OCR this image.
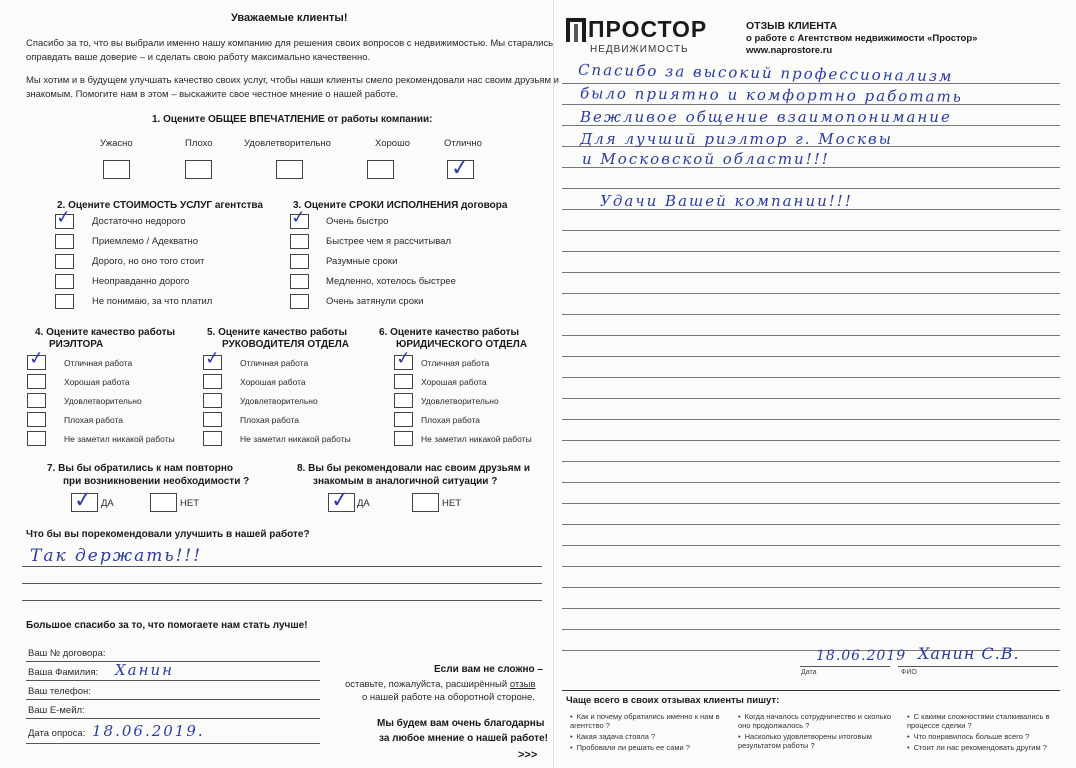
Уважаемые клиенты!
Спасибо за то, что вы выбрали именно нашу компанию для решения своих вопросов с недвижимостью. Мы старались
оправдать ваше доверие – и сделать свою работу максимально качественно.
Мы хотим и в будущем улучшать качество своих услуг, чтобы наши клиенты смело рекомендовали нас своим друзьям и
знакомым. Помогите нам в этом – выскажите свое честное мнение о нашей работе.
1. Оцените ОБЩЕЕ ВПЕЧАТЛЕНИЕ от работы компании:
Ужасно	Плохо	Удовлетворительно	Хорошо	Отлично
✓
2. Оцените СТОИМОСТЬ УСЛУГ агентства
✓ Достаточно недорого
Приемлемо / Адекватно
Дорого, но оно того стоит
Неоправданно дорого
Не понимаю, за что платил
3. Оцените СРОКИ ИСПОЛНЕНИЯ договора
✓ Очень быстро
Быстрее чем я рассчитывал
Разумные сроки
Медленно, хотелось быстрее
Очень затянули сроки
4. Оцените качество работы
РИЭЛТОРА
✓ Отличная работа
Хорошая работа
Удовлетворительно
Плохая работа
Не заметил никакой работы
5. Оцените качество работы
РУКОВОДИТЕЛЯ ОТДЕЛА
✓ Отличная работа
Хорошая работа
Удовлетворительно
Плохая работа
Не заметил никакой работы
6. Оцените качество работы
ЮРИДИЧЕСКОГО ОТДЕЛА
✓ Отличная работа
Хорошая работа
Удовлетворительно
Плохая работа
Не заметил никакой работы
7. Вы бы обратились к нам повторно
при возникновении необходимости ?
✓ ДА	НЕТ
8. Вы бы рекомендовали нас своим друзьям и
знакомым в аналогичной ситуации ?
✓ ДА	НЕТ
Что бы вы порекомендовали улучшить в нашей работе?
Так держать!!!
Большое спасибо за то, что помогаете нам стать лучше!
Ваш № договора:
Ваша Фамилия: Ханин
Ваш телефон:
Ваш E-мейл:
Дата опроса: 18.06.2019.
Если вам не сложно –
оставьте, пожалуйста, расширённый отзыв
о нашей работе на оборотной стороне.
Мы будем вам очень благодарны
за любое мнение о нашей работе!
>>>
ПРОСТОР
НЕДВИЖИМОСТЬ
ОТЗЫВ КЛИЕНТА
о работе с Агентством недвижимости «Простор»
www.naprostore.ru
Спасибо за высокий профессионализм
было приятно и комфортно работать
Вежливое общение взаимопонимание
Для лучший риэлтор г. Москвы
и Московской области!!!
Удачи Вашей компании!!!
18.06.2019 Ханин С.В.
Дата	ФИО
Чаще всего в своих отзывах клиенты пишут:
• Как и почему обратились именно к нам в агентство ?
• Какая задача стояла ?
• Пробовали ли решать ее сами ?
• Когда началось сотрудничество и сколько оно продолжалось ?
• Насколько удовлетворены итоговым результатом работы ?
• С какими сложностями сталкивались в процессе сделки ?
• Что понравилось больше всего ?
• Стоит ли нас рекомендовать другим ?
